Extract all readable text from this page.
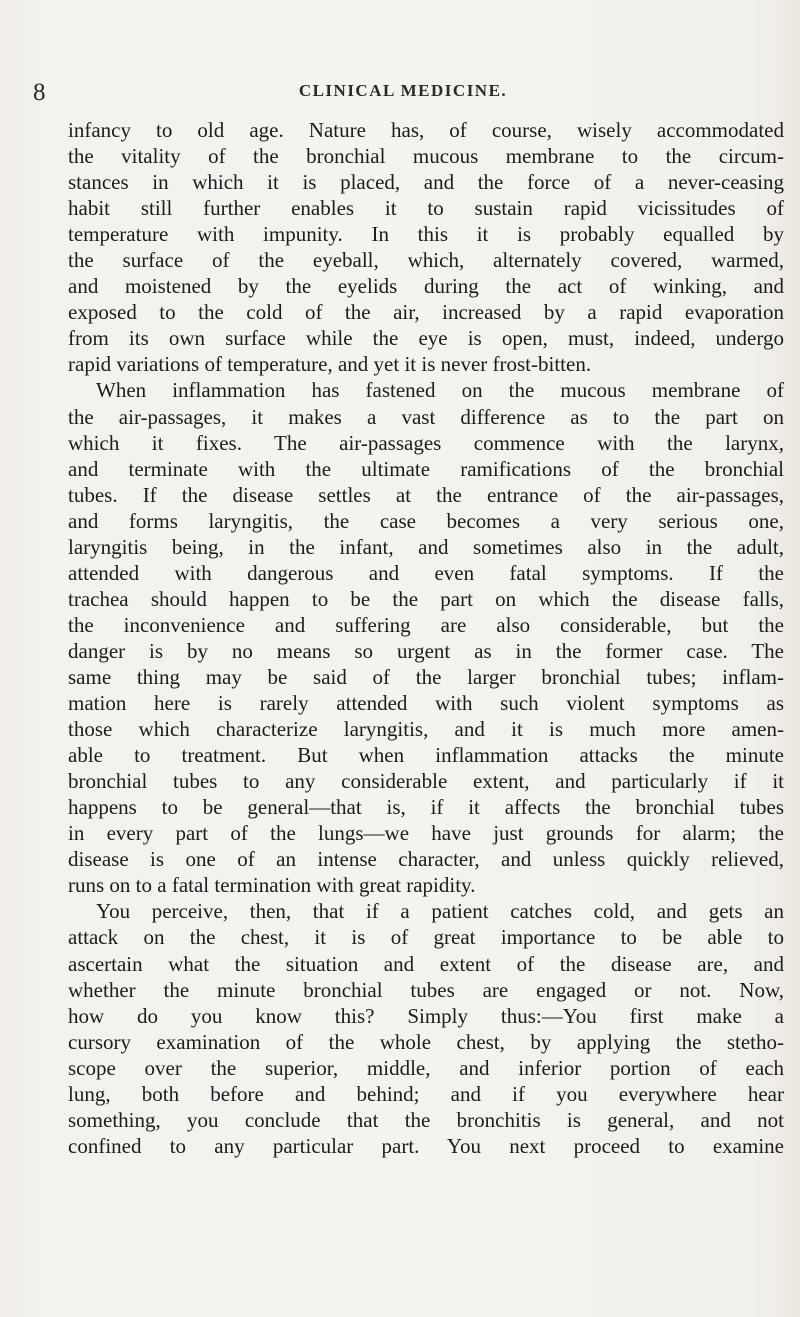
8	CLINICAL MEDICINE.
infancy to old age. Nature has, of course, wisely accommodated
the vitality of the bronchial mucous membrane to the circum-
stances in which it is placed, and the force of a never-ceasing
habit still further enables it to sustain rapid vicissitudes of
temperature with impunity. In this it is probably equalled by
the surface of the eyeball, which, alternately covered, warmed,
and moistened by the eyelids during the act of winking, and
exposed to the cold of the air, increased by a rapid evaporation
from its own surface while the eye is open, must, indeed, undergo
rapid variations of temperature, and yet it is never frost-bitten.
When inflammation has fastened on the mucous membrane of
the air-passages, it makes a vast difference as to the part on
which it fixes. The air-passages commence with the larynx,
and terminate with the ultimate ramifications of the bronchial
tubes. If the disease settles at the entrance of the air-passages,
and forms laryngitis, the case becomes a very serious one,
laryngitis being, in the infant, and sometimes also in the adult,
attended with dangerous and even fatal symptoms. If the
trachea should happen to be the part on which the disease falls,
the inconvenience and suffering are also considerable, but the
danger is by no means so urgent as in the former case. The
same thing may be said of the larger bronchial tubes; inflam-
mation here is rarely attended with such violent symptoms as
those which characterize laryngitis, and it is much more amen-
able to treatment. But when inflammation attacks the minute
bronchial tubes to any considerable extent, and particularly if it
happens to be general—that is, if it affects the bronchial tubes
in every part of the lungs—we have just grounds for alarm; the
disease is one of an intense character, and unless quickly relieved,
runs on to a fatal termination with great rapidity.
You perceive, then, that if a patient catches cold, and gets an
attack on the chest, it is of great importance to be able to
ascertain what the situation and extent of the disease are, and
whether the minute bronchial tubes are engaged or not. Now,
how do you know this? Simply thus:—You first make a
cursory examination of the whole chest, by applying the stetho-
scope over the superior, middle, and inferior portion of each
lung, both before and behind; and if you everywhere hear
something, you conclude that the bronchitis is general, and not
confined to any particular part. You next proceed to examine
